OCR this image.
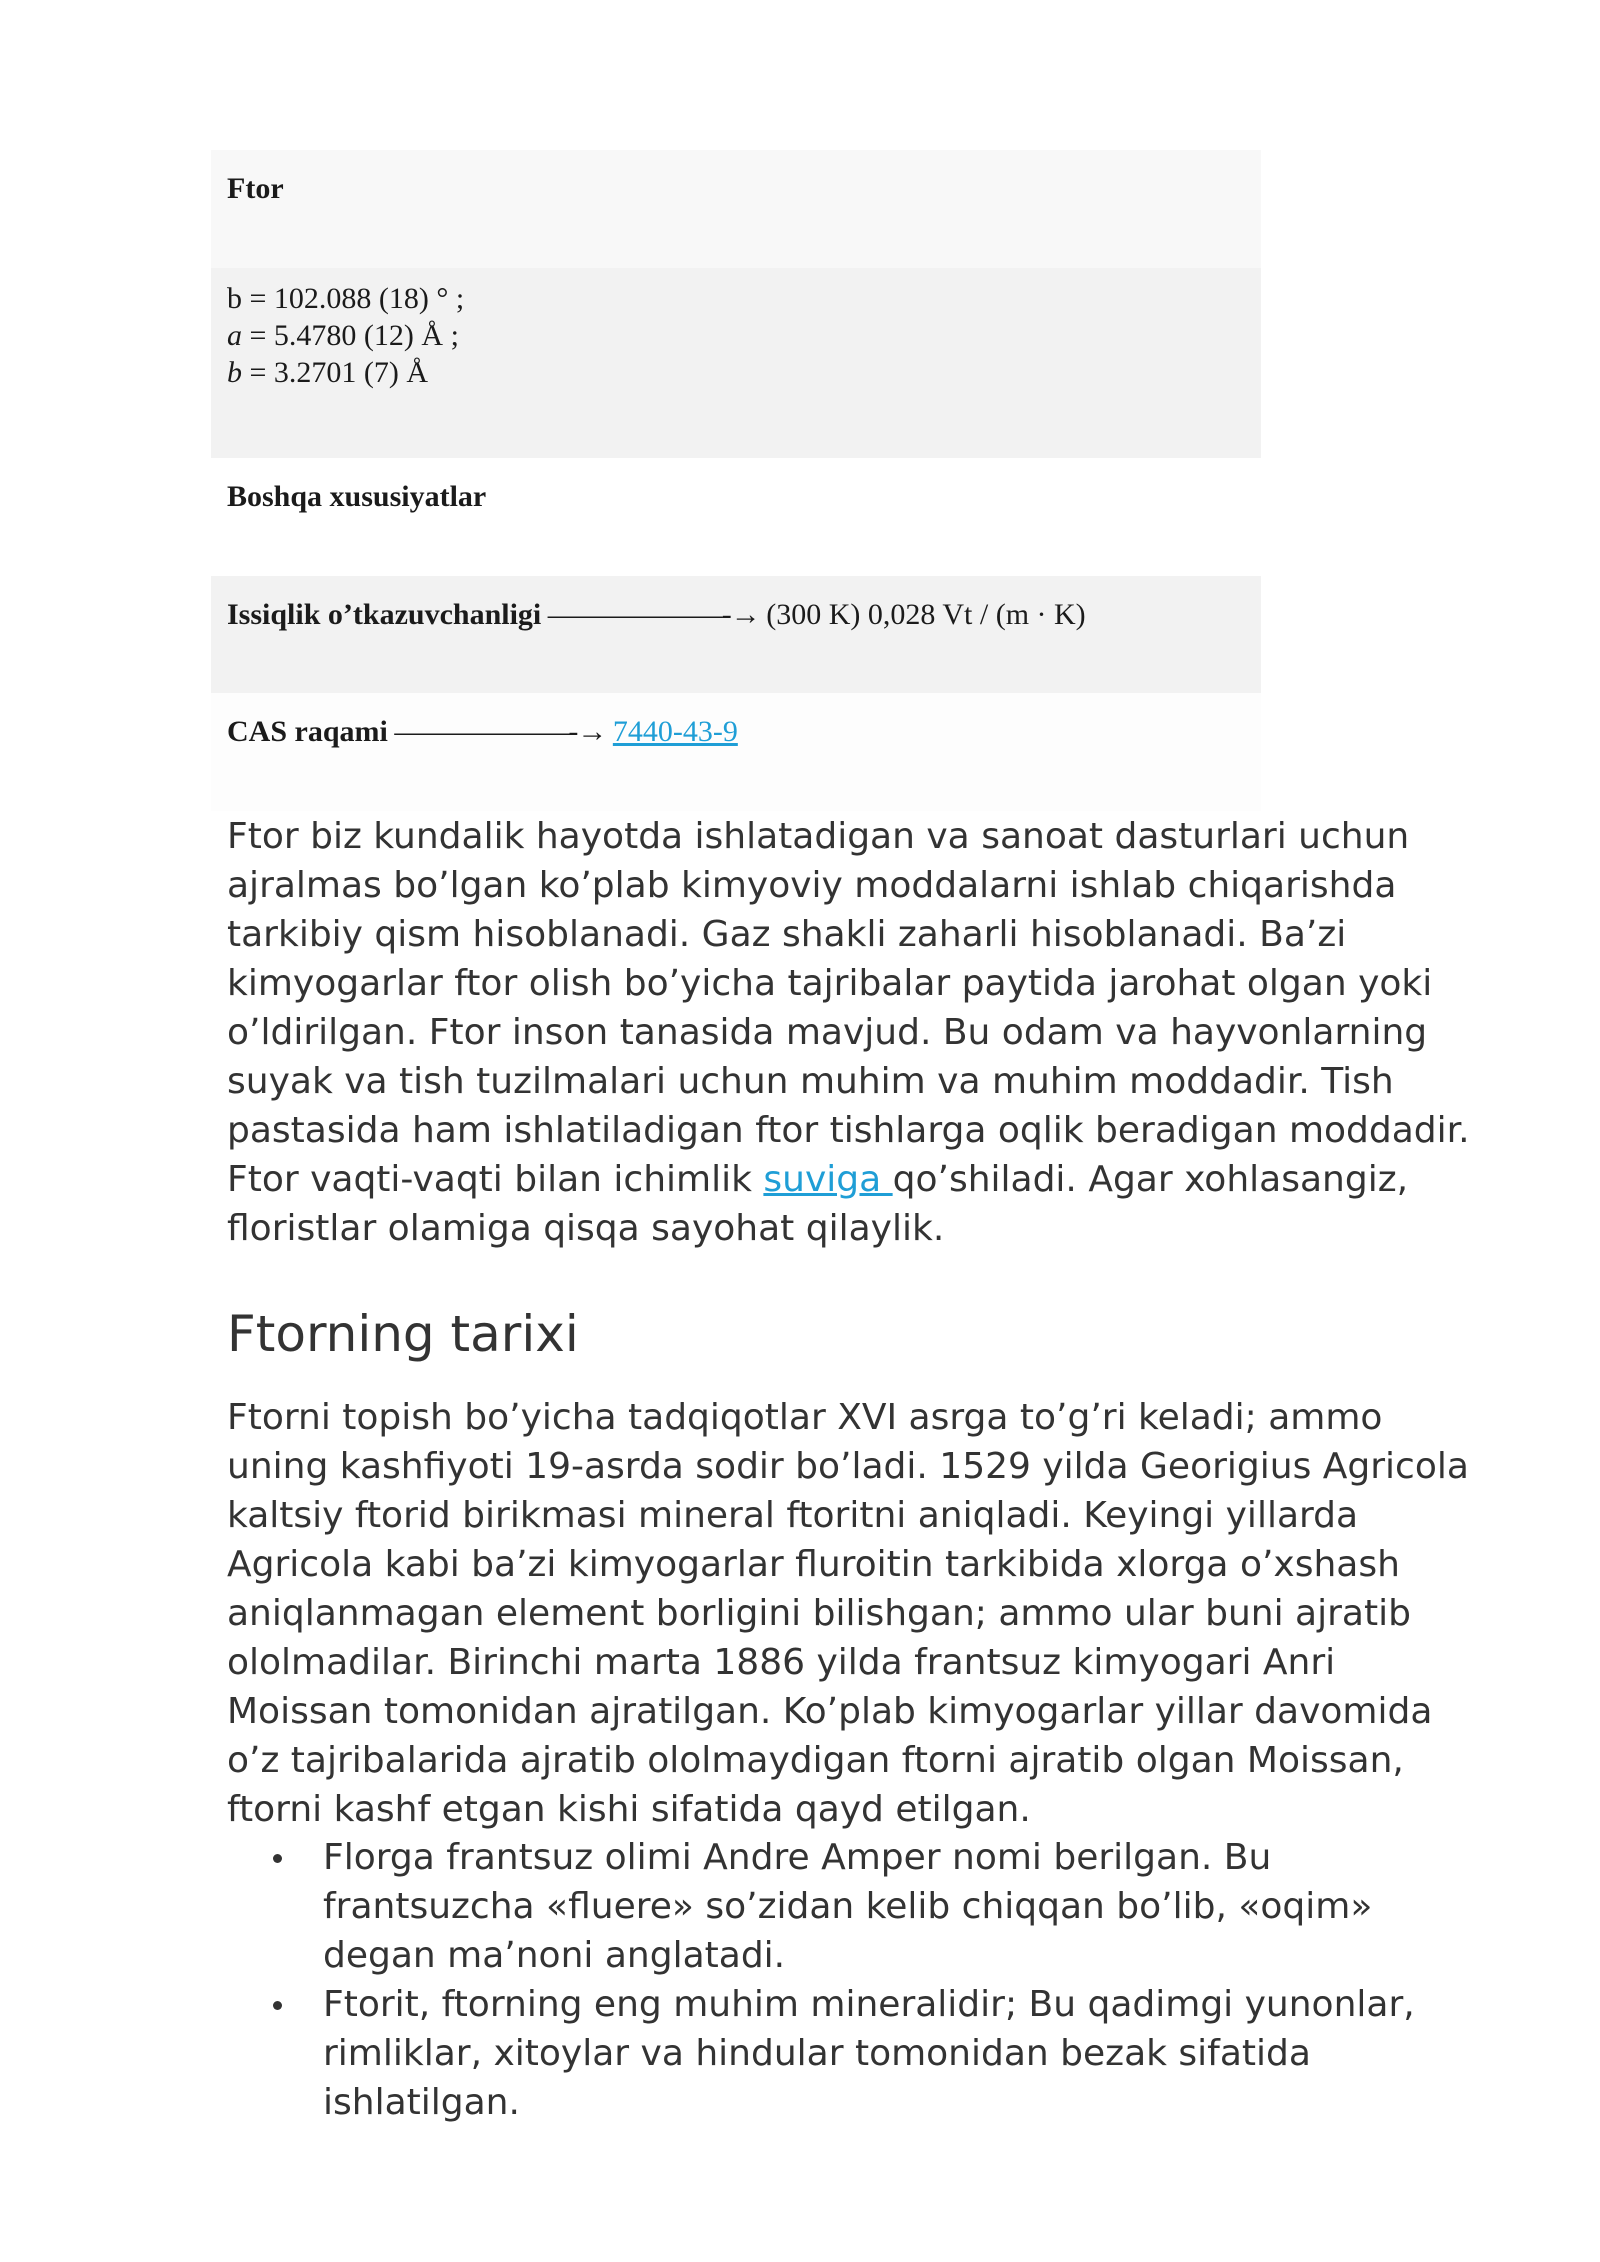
Ftor
b = 102.088 (18) ° ;
a = 5.4780 (12) Å ;
b = 3.2701 (7) Å
Boshqa xususiyatlar
Issiqlik o’tkazuvchanligi ——————-→ (300 K) 0,028 Vt / (m · K)
CAS raqami ——————-→ 7440-43-9

Ftor biz kundalik hayotda ishlatadigan va sanoat dasturlari uchun ajralmas bo’lgan ko’plab kimyoviy moddalarni ishlab chiqarishda tarkibiy qism hisoblanadi. Gaz shakli zaharli hisoblanadi. Ba’zi kimyogarlar ftor olish bo’yicha tajribalar paytida jarohat olgan yoki o’ldirilgan. Ftor inson tanasida mavjud. Bu odam va hayvonlarning suyak va tish tuzilmalari uchun muhim va muhim moddadir. Tish pastasida ham ishlatiladigan ftor tishlarga oqlik beradigan moddadir. Ftor vaqti-vaqti bilan ichimlik suviga qo’shiladi. Agar xohlasangiz, floristlar olamiga qisqa sayohat qilaylik.

Ftorning tarixi

Ftorni topish bo’yicha tadqiqotlar XVI asrga to’g’ri keladi; ammo uning kashfiyoti 19-asrda sodir bo’ladi. 1529 yilda Georigius Agricola kaltsiy ftorid birikmasi mineral ftoritni aniqladi. Keyingi yillarda Agricola kabi ba’zi kimyogarlar fluroitin tarkibida xlorga o’xshash aniqlanmagan element borligini bilishgan; ammo ular buni ajratib ololmadilar. Birinchi marta 1886 yilda frantsuz kimyogari Anri Moissan tomonidan ajratilgan. Ko’plab kimyogarlar yillar davomida o’z tajribalarida ajratib ololmaydigan ftorni ajratib olgan Moissan, ftorni kashf etgan kishi sifatida qayd etilgan.

Florga frantsuz olimi Andre Amper nomi berilgan. Bu frantsuzcha «fluere» so’zidan kelib chiqqan bo’lib, «oqim» degan ma’noni anglatadi.
Ftorit, ftorning eng muhim mineralidir; Bu qadimgi yunonlar, rimliklar, xitoylar va hindular tomonidan bezak sifatida ishlatilgan.
